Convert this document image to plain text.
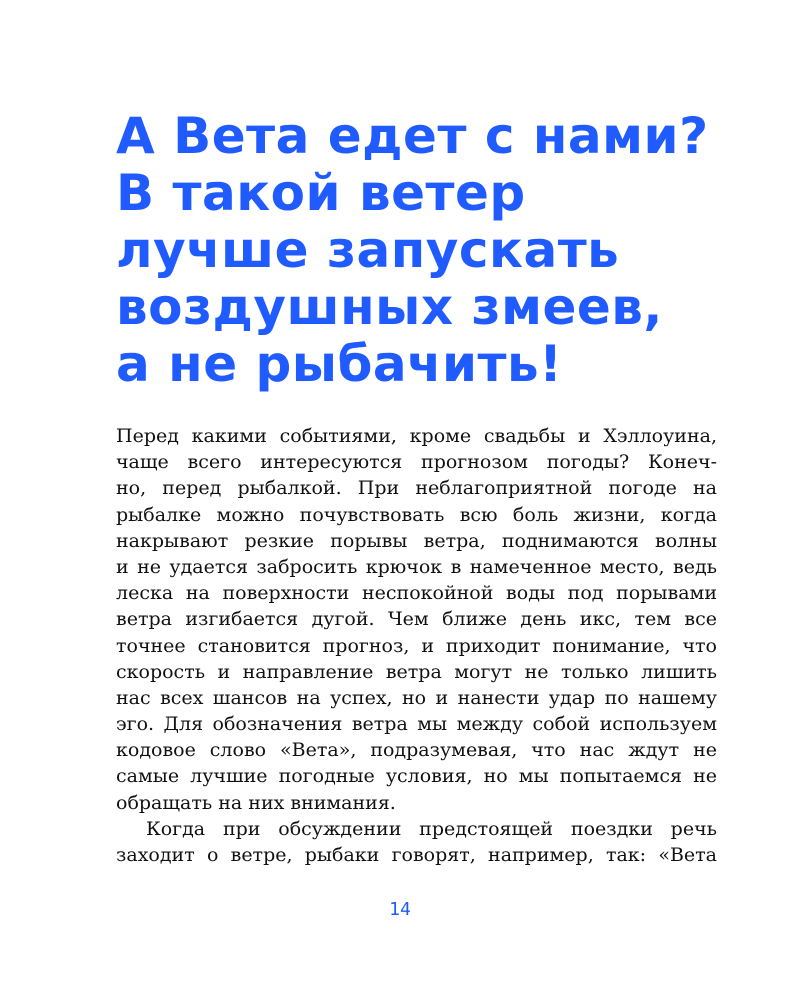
А Вета едет с нами?
В такой ветер
лучше запускать
воздушных змеев,
а не рыбачить!

Перед какими событиями, кроме свадьбы и Хэллоуина,
чаще всего интересуются прогнозом погоды? Конеч-
но, перед рыбалкой. При неблагоприятной погоде на
рыбалке можно почувствовать всю боль жизни, когда
накрывают резкие порывы ветра, поднимаются волны
и не удается забросить крючок в намеченное место, ведь
леска на поверхности неспокойной воды под порывами
ветра изгибается дугой. Чем ближе день икс, тем все
точнее становится прогноз, и приходит понимание, что
скорость и направление ветра могут не только лишить
нас всех шансов на успех, но и нанести удар по нашему
эго. Для обозначения ветра мы между собой используем
кодовое слово «Вета», подразумевая, что нас ждут не
самые лучшие погодные условия, но мы попытаемся не
обращать на них внимания.

Когда при обсуждении предстоящей поездки речь
заходит о ветре, рыбаки говорят, например, так: «Вета

14
